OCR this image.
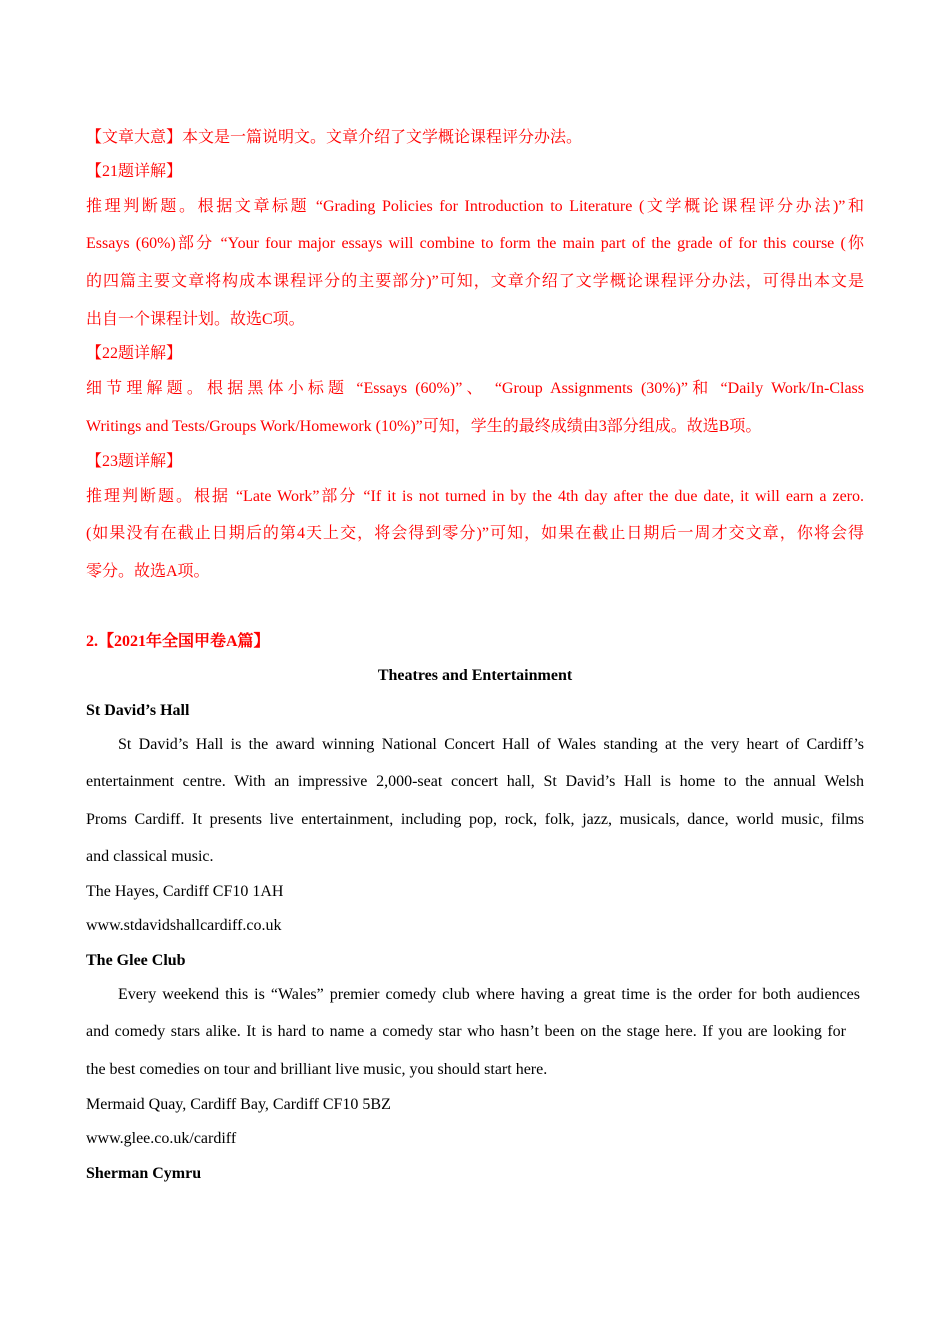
【文章大意】本文是一篇说明文。文章介绍了文学概论课程评分办法。
【21题详解】
推理判断题。根据文章标题 “Grading Policies for Introduction to Literature (文学概论课程评分办法)”和
Essays (60%)部分 “Your four major essays will combine to form the main part of the grade of for this course (你
的四篇主要文章将构成本课程评分的主要部分)”可知，文章介绍了文学概论课程评分办法，可得出本文是
出自一个课程计划。故选C项。
【22题详解】
细节理解题。根据黑体小标题 “Essays (60%)”、 “Group Assignments (30%)”和 “Daily Work/In-Class
Writings and Tests/Groups Work/Homework (10%)”可知，学生的最终成绩由3部分组成。故选B项。
【23题详解】
推理判断题。根据 “Late Work”部分 “If it is not turned in by the 4th day after the due date, it will earn a zero.
(如果没有在截止日期后的第4天上交，将会得到零分)”可知，如果在截止日期后一周才交文章，你将会得
零分。故选A项。
2.【2021年全国甲卷A篇】
Theatres and Entertainment
St David’s Hall
St David’s Hall is the award winning National Concert Hall of Wales standing at the very heart of Cardiff’s
entertainment centre. With an impressive 2,000-seat concert hall, St David’s Hall is home to the annual Welsh
Proms Cardiff. It presents live entertainment, including pop, rock, folk, jazz, musicals, dance, world music, films
and classical music.
The Hayes, Cardiff CF10 1AH
www.stdavidshallcardiff.co.uk
The Glee Club
Every weekend this is “Wales” premier comedy club where having a great time is the order for both audiences
and comedy stars alike. It is hard to name a comedy star who hasn’t been on the stage here. If you are looking for
the best comedies on tour and brilliant live music, you should start here.
Mermaid Quay, Cardiff Bay, Cardiff CF10 5BZ
www.glee.co.uk/cardiff
Sherman Cymru
